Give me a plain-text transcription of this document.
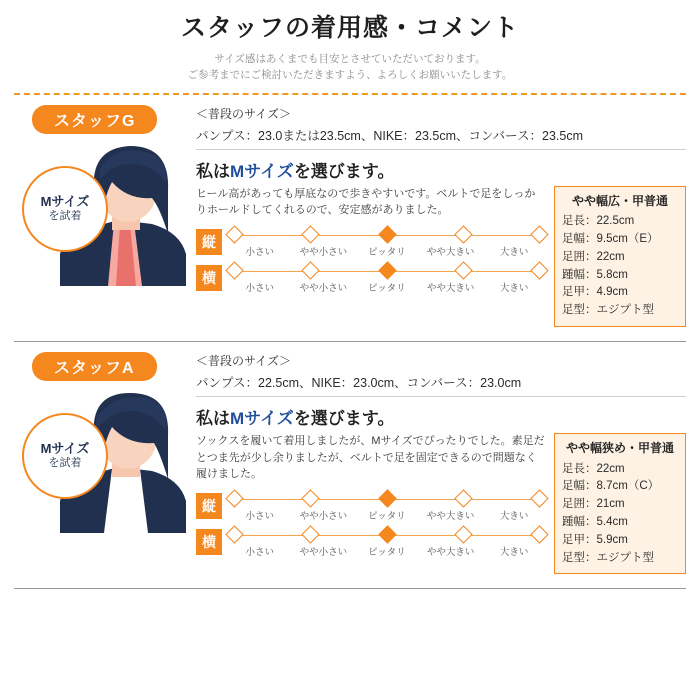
スタッフの着用感・コメント
サイズ感はあくまでも目安とさせていただいております。
ご参考までにご検討いただきますよう、よろしくお願いいたします。
スタッフG
Mサイズ
を試着
＜普段のサイズ＞
パンプス：23.0または23.5cm、NIKE：23.5cm、コンバース：23.5cm
私はMサイズを選びます。
ヒール高があっても厚底なので歩きやすいです。ベルトで足をしっかりホールドしてくれるので、安定感がありました。
縦
小さい	やや小さい	ピッタリ	やや大きい	大きい
横
小さい	やや小さい	ピッタリ	やや大きい	大きい
やや幅広・甲普通
足長：22.5cm
足幅：9.5cm（E）
足囲：22cm
踵幅：5.8cm
足甲：4.9cm
足型：エジプト型
スタッフA
Mサイズ
を試着
＜普段のサイズ＞
パンプス：22.5cm、NIKE：23.0cm、コンバース：23.0cm
私はMサイズを選びます。
ソックスを履いて着用しましたが、Mサイズでぴったりでした。素足だとつま先が少し余りましたが、ベルトで足を固定できるので問題なく履けました。
縦
小さい	やや小さい	ピッタリ	やや大きい	大きい
横
小さい	やや小さい	ピッタリ	やや大きい	大きい
やや幅狭め・甲普通
足長：22cm
足幅：8.7cm（C）
足囲：21cm
踵幅：5.4cm
足甲：5.9cm
足型：エジプト型
